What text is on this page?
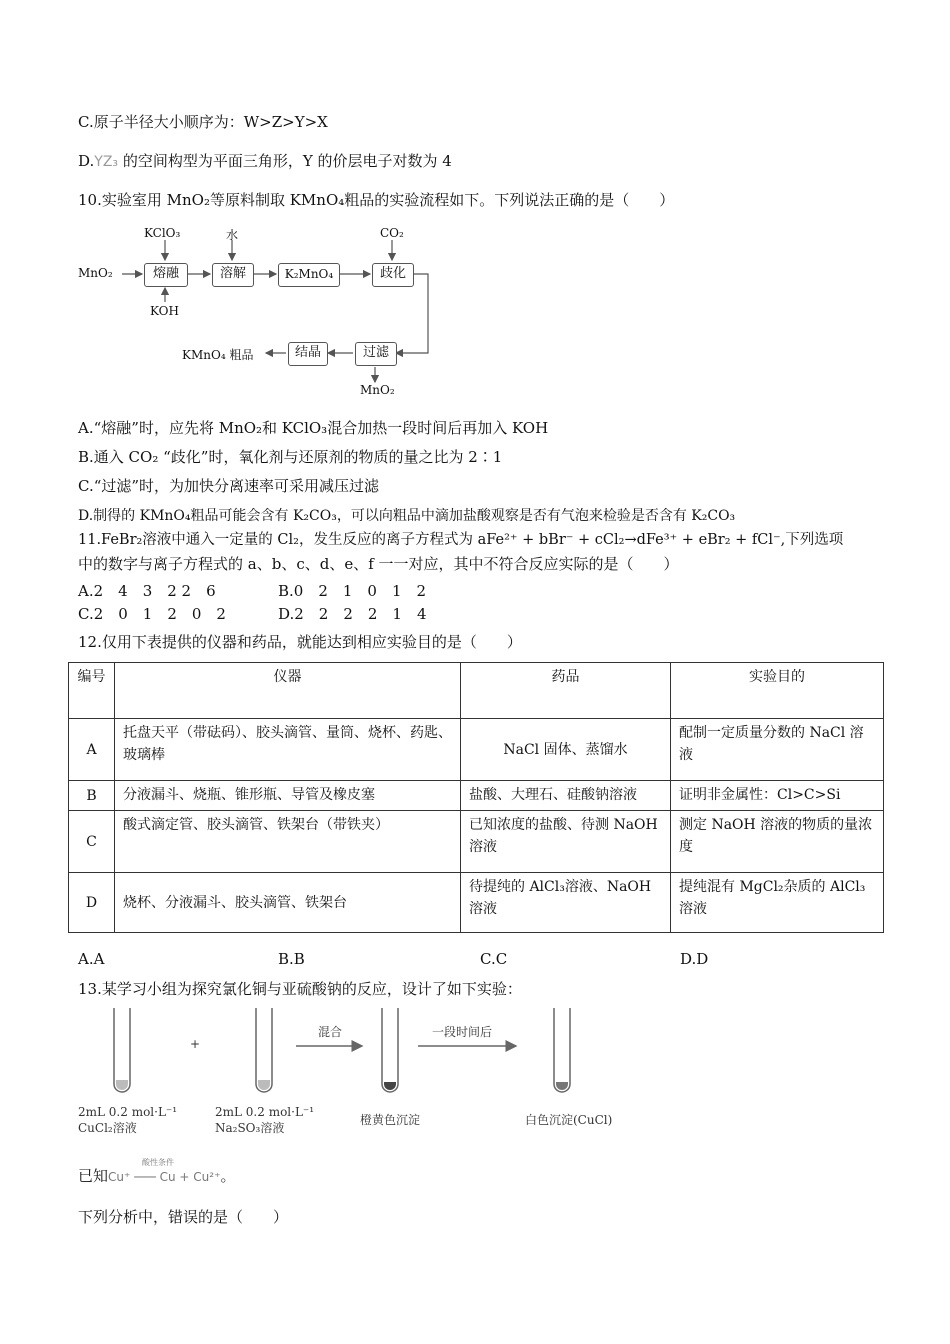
C.原子半径大小顺序为：W>Z>Y>X
D.YZ₃ 的空间构型为平面三角形，Y 的价层电子对数为 4
10.实验室用 MnO₂等原料制取 KMnO₄粗品的实验流程如下。下列说法正确的是（　　）
KClO₃	水	CO₂
MnO₂	熔融	溶解	K₂MnO₄	歧化
KOH
过滤
结晶
KMnO₄ 粗品
MnO₂
A.“熔融”时，应先将 MnO₂和 KClO₃混合加热一段时间后再加入 KOH
B.通入 CO₂ “歧化”时，氧化剂与还原剂的物质的量之比为 2∶1
C.“过滤”时，为加快分离速率可采用减压过滤
D.制得的 KMnO₄粗品可能会含有 K₂CO₃，可以向粗品中滴加盐酸观察是否有气泡来检验是否含有 K₂CO₃
11.FeBr₂溶液中通入一定量的 Cl₂，发生反应的离子方程式为 aFe²⁺ + bBr⁻ + cCl₂→dFe³⁺ + eBr₂ + fCl⁻,下列选项
中的数字与离子方程式的 a、b、c、d、e、f 一一对应，其中不符合反应实际的是（　　）
A.2　4　3　2 2　6	B.0　2　1　0　1　2
C.2　0　1　2　0　2	D.2　2　2　2　1　4
12.仅用下表提供的仪器和药品，就能达到相应实验目的是（　　）
编号	仪器	药品	实验目的
A	托盘天平（带砝码）、胶头滴管、量筒、烧杯、药匙、玻璃棒	NaCl 固体、蒸馏水	配制一定质量分数的 NaCl 溶液
B	分液漏斗、烧瓶、锥形瓶、导管及橡皮塞	盐酸、大理石、硅酸钠溶液	证明非金属性：Cl>C>Si
C	酸式滴定管、胶头滴管、铁架台（带铁夹）	已知浓度的盐酸、待测 NaOH 溶液	测定 NaOH 溶液的物质的量浓度
D	烧杯、分液漏斗、胶头滴管、铁架台	待提纯的 AlCl₃溶液、NaOH 溶液	提纯混有 MgCl₂杂质的 AlCl₃溶液
A.A	B.B	C.C	D.D
13.某学习小组为探究氯化铜与亚硫酸钠的反应，设计了如下实验：
+
混合	一段时间后
2mL 0.2 mol·L⁻¹
CuCl₂溶液
2mL 0.2 mol·L⁻¹
Na₂SO₃溶液
橙黄色沉淀	白色沉淀(CuCl)
已知
酸性条件
Cu⁺ ─── Cu + Cu²⁺。
下列分析中，错误的是（　　）
